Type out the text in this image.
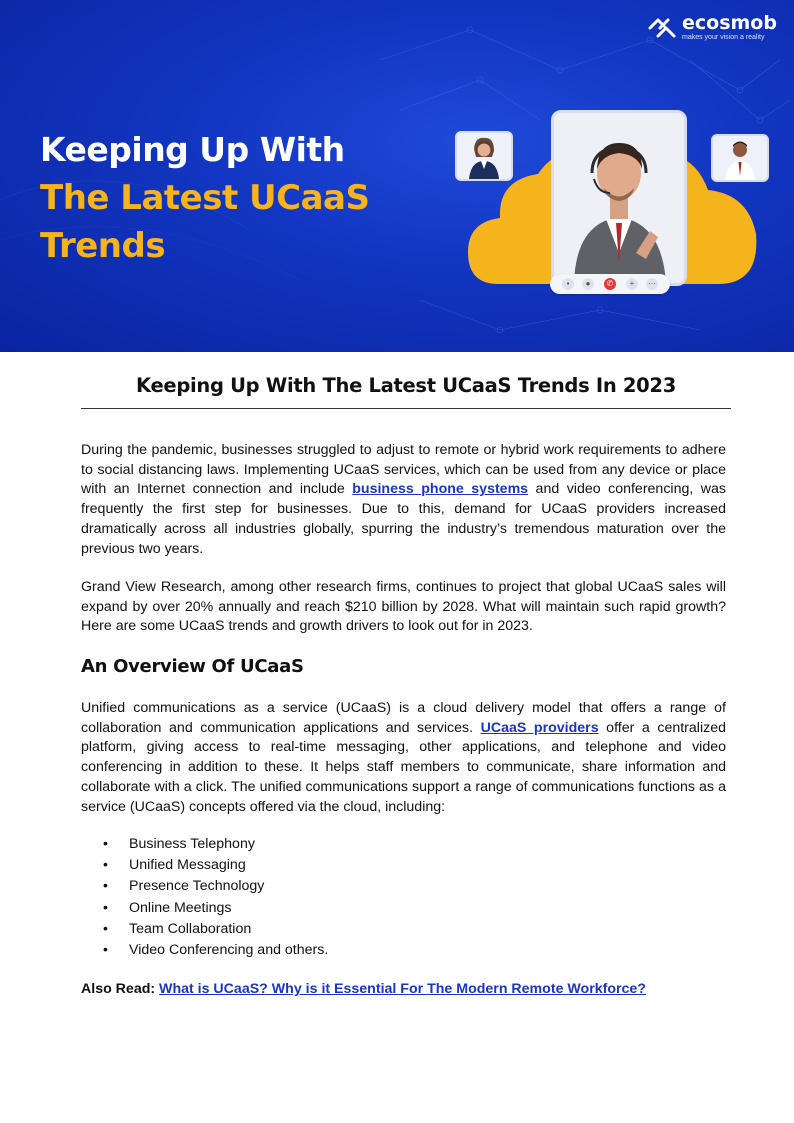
ecosmob
makes your vision a reality
Keeping Up With
The Latest UCaaS
Trends
▪	●	✆	+	⋯
Keeping Up With The Latest UCaaS Trends In 2023

During the pandemic, businesses struggled to adjust to remote or hybrid work requirements to adhere to social distancing laws. Implementing UCaaS services, which can be used from any device or place with an Internet connection and include business phone systems and video conferencing, was frequently the first step for businesses. Due to this, demand for UCaaS providers increased dramatically across all industries globally, spurring the industry’s tremendous maturation over the previous two years.

Grand View Research, among other research firms, continues to project that global UCaaS sales will expand by over 20% annually and reach $210 billion by 2028. What will maintain such rapid growth? Here are some UCaaS trends and growth drivers to look out for in 2023.

An Overview Of UCaaS

Unified communications as a service (UCaaS) is a cloud delivery model that offers a range of collaboration and communication applications and services. UCaaS providers offer a centralized platform, giving access to real-time messaging, other applications, and telephone and video conferencing in addition to these. It helps staff members to communicate, share information and collaborate with a click. The unified communications support a range of communications functions as a service (UCaaS) concepts offered via the cloud, including:

• Business Telephony
• Unified Messaging
• Presence Technology
• Online Meetings
• Team Collaboration
• Video Conferencing and others.
Also Read: What is UCaaS? Why is it Essential For The Modern Remote Workforce?
